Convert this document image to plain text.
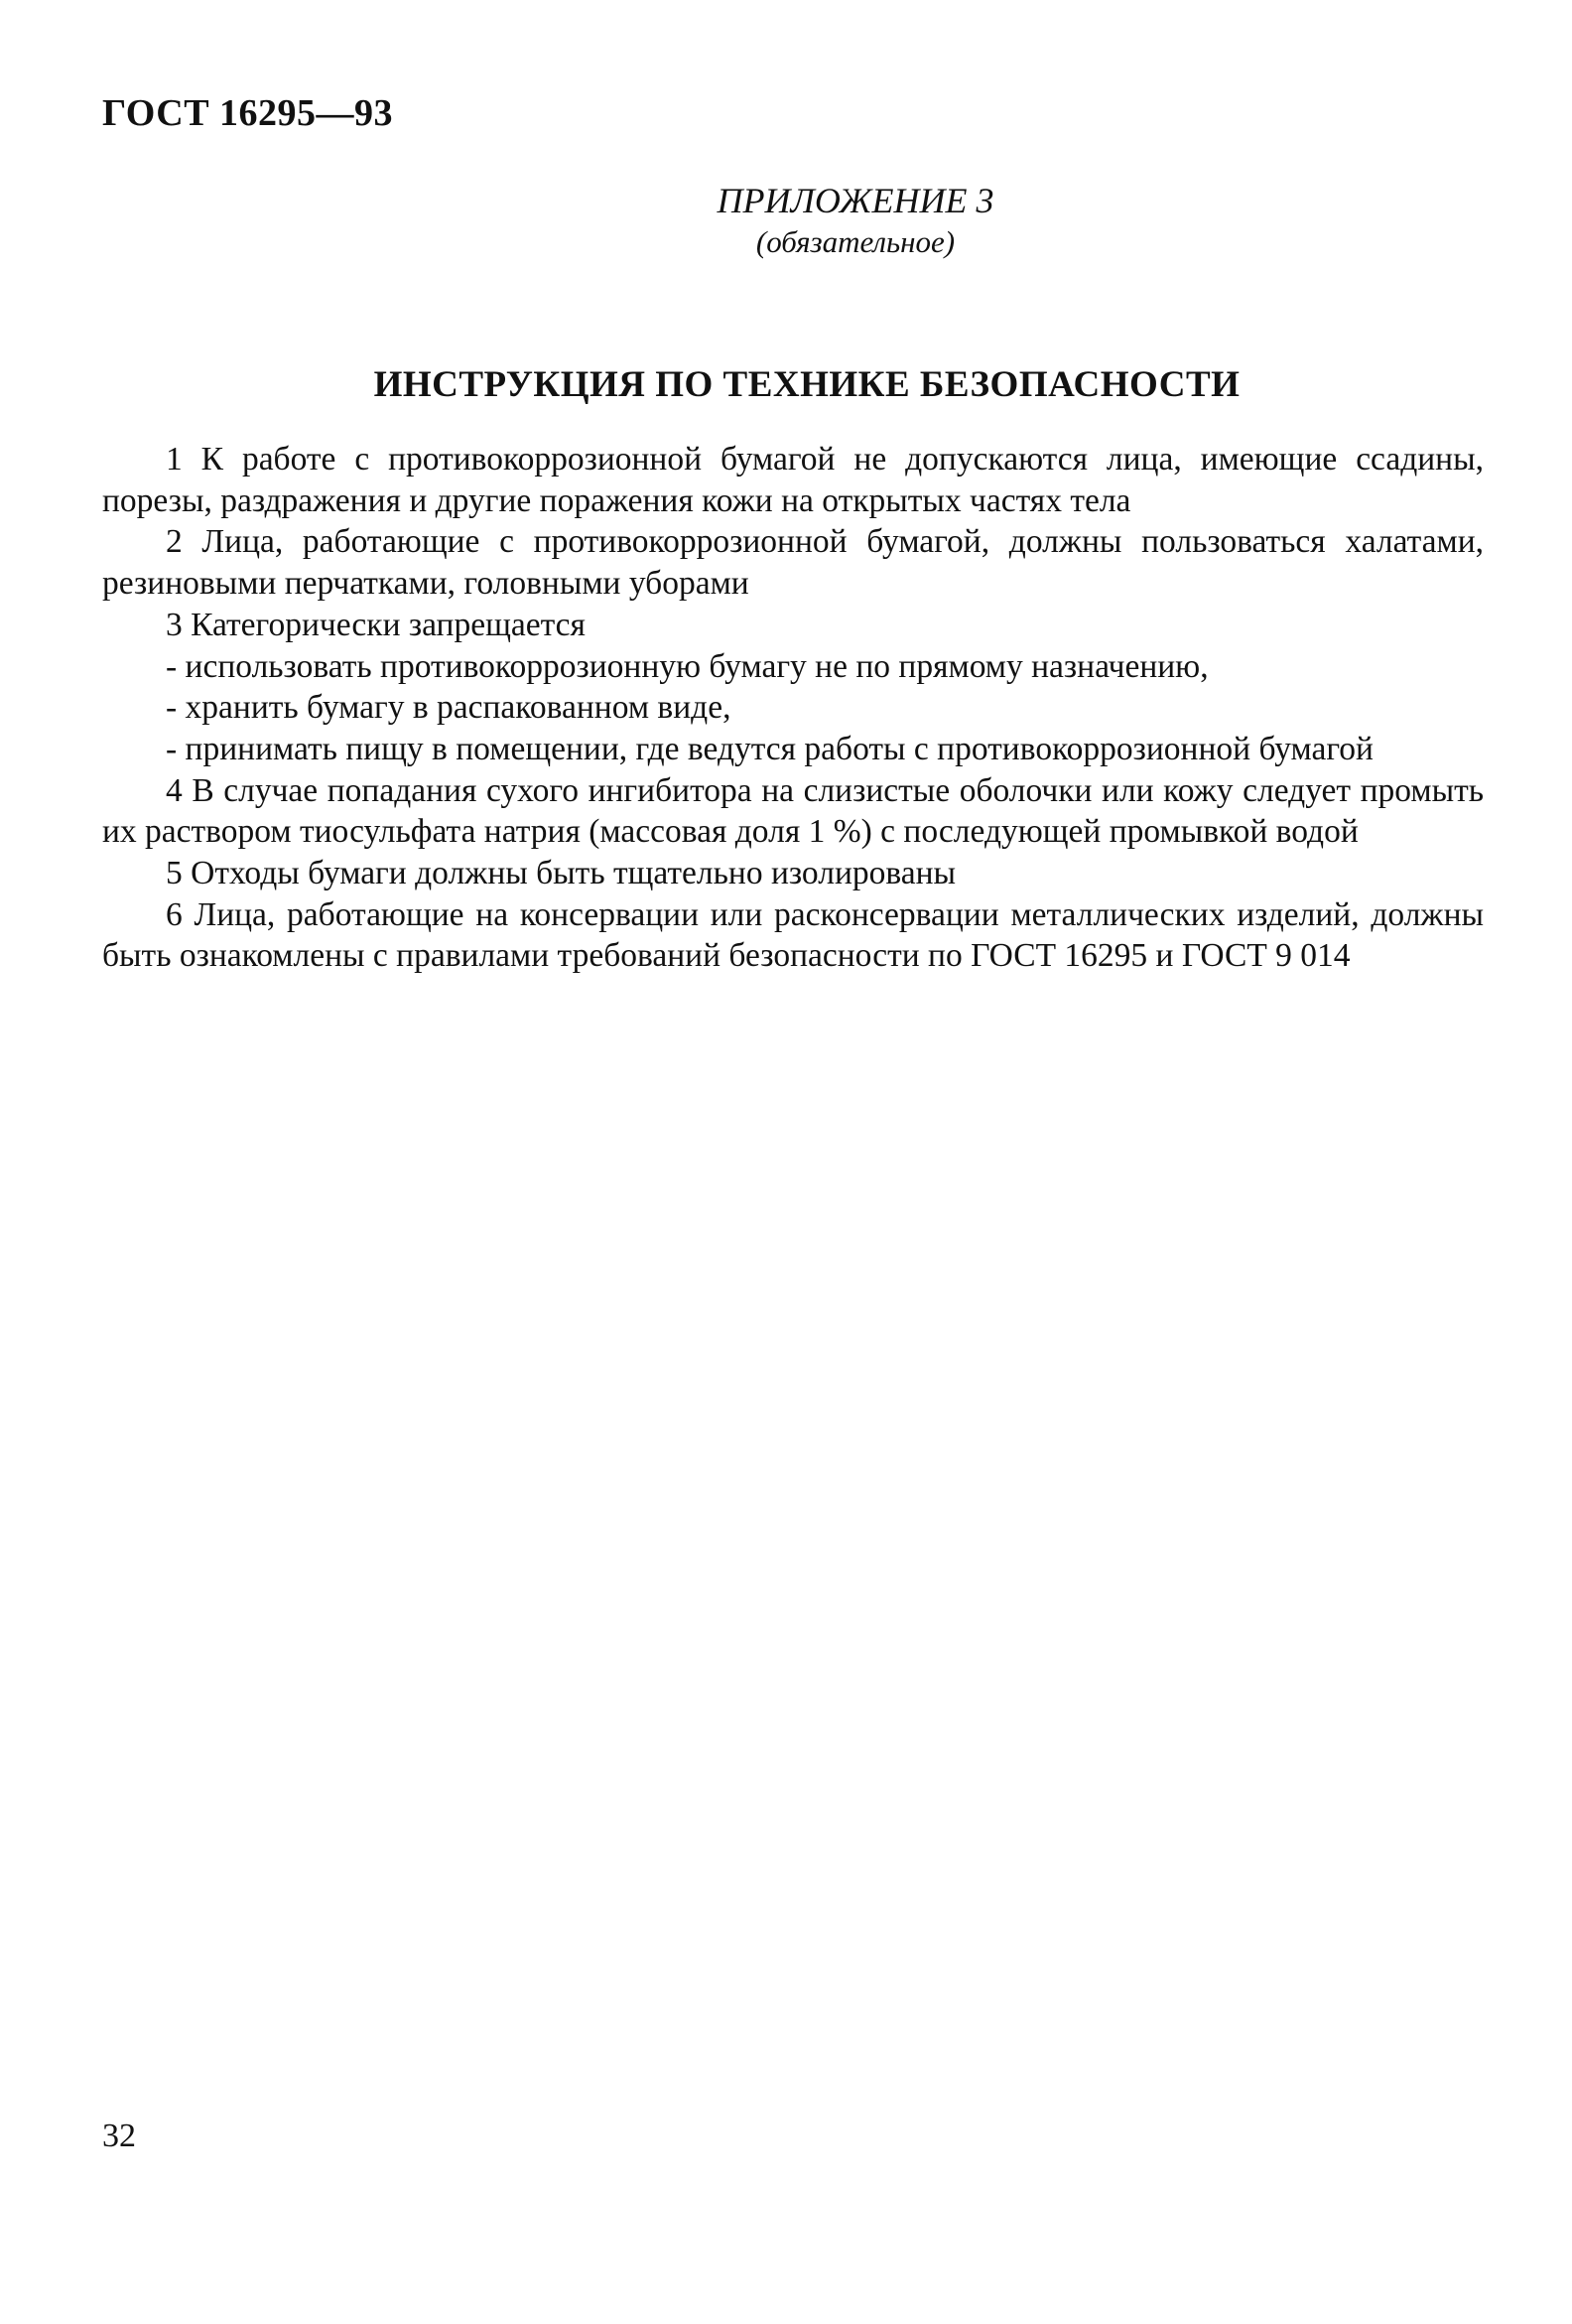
ГОСТ 16295—93
ПРИЛОЖЕНИЕ 3
(обязательное)
ИНСТРУКЦИЯ ПО ТЕХНИКЕ БЕЗОПАСНОСТИ

1 К работе с противокоррозионной бумагой не допускаются лица, имеющие ссадины, порезы, раздражения и другие поражения кожи на открытых частях тела

2 Лица, работающие с противокоррозионной бумагой, должны пользоваться халатами, резиновыми перчатками, головными уборами

3 Категорически запрещается

- использовать противокоррозионную бумагу не по прямому назначению,

- хранить бумагу в распакованном виде,

- принимать пищу в помещении, где ведутся работы с противокоррозионной бумагой

4 В случае попадания сухого ингибитора на слизистые оболочки или кожу следует промыть их раствором тиосульфата натрия (массовая доля 1 %) с последующей промывкой водой

5 Отходы бумаги должны быть тщательно изолированы

6 Лица, работающие на консервации или расконсервации металлических изделий, должны быть ознакомлены с правилами требований безопасности по ГОСТ 16295 и ГОСТ 9 014

32
